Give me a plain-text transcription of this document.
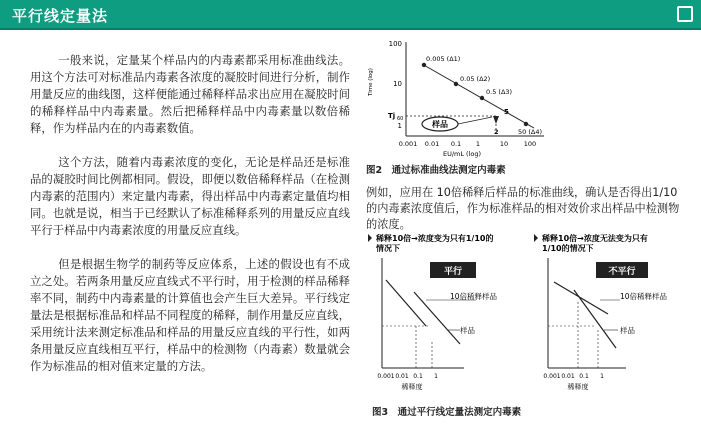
平行线定量法

一般来说，定量某个样品内的内毒素都采用标准曲线法。用这个方法可对标准品内毒素各浓度的凝胶时间进行分析，制作用量反应的曲线图，这样便能通过稀释样品求出应用在凝胶时间的稀释样品中内毒素量。然后把稀释样品中内毒素量以数倍稀释，作为样品内在的内毒素数值。

这个方法，随着内毒素浓度的变化，无论是样品还是标准品的凝胶时间比例都相同。假设，即便以数倍稀释样品（在检测内毒素的范围内）来定量内毒素，得出样品中内毒素定量值均相同。也就是说，相当于已经默认了标准稀释系列的用量反应直线平行于样品中内毒素浓度的用量反应直线。

但是根据生物学的制药等反应体系，上述的假设也有不成立之处。若两条用量反应直线式不平行时，用于检测的样品稀释率不同，制药中内毒素量的计算值也会产生巨大差异。平行线定量法是根据标准品和样品不同程度的稀释，制作用量反应直线，采用统计法来测定标准品和样品的用量反应直线的平行性，如两条用量反应直线相互平行，样品中的检测物（内毒素）数量就会作为标准品的相对值来定量的方法。

100
10
1
Time (log)
0.001 0.01 0.1 1	10 100
EU/mL (log)
0.005 (Δ1)
0.05 (Δ2)
0.5 (Δ3)
50 (Δ4)
Tj 60
样品
5
2
图2　通过标准曲线法测定内毒素
例如，应用在 10倍稀释后样品的标准曲线，确认是否得出1/10的内毒素浓度值后，作为标准样品的相对效价求出样品中检测物的浓度。
稀释10倍→浓度变为只有1/10的
情况下
平行
10倍稀释样品
样品
0.001 0.01 0.1 1
稀释度
稀释10倍→浓度无法变为只有
1/10的情况下
不平行
10倍稀释样品
样品
0.001 0.01 0.1 1
稀释度
图3　通过平行线定量法测定内毒素
